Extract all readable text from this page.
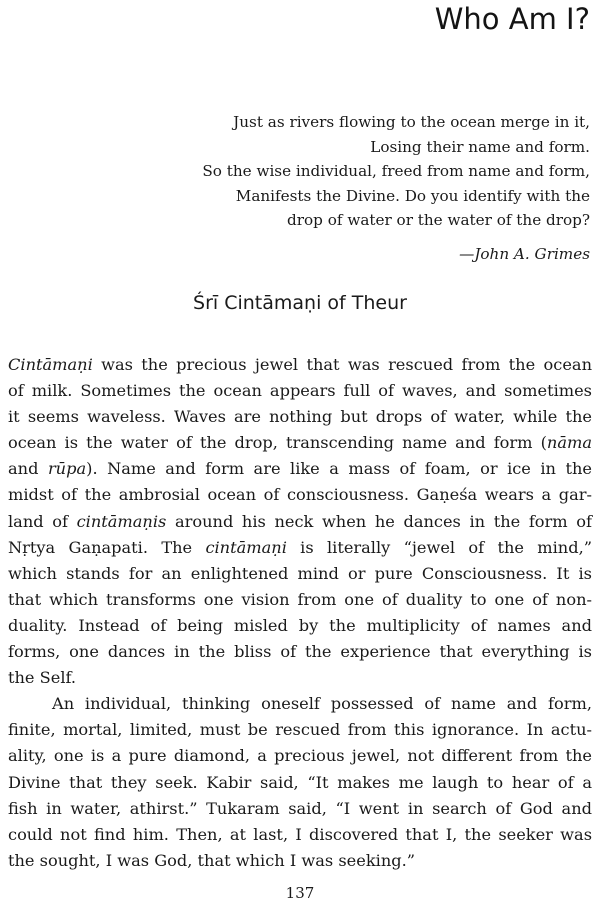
Who Am I?
Just as rivers flowing to the ocean merge in it,
Losing their name and form.
So the wise individual, freed from name and form,
Manifests the Divine. Do you identify with the
drop of water or the water of the drop?
—John A. Grimes
Śrī Cintāmaṇi of Theur
Cintāmaṇi was the precious jewel that was rescued from the ocean
of milk. Sometimes the ocean appears full of waves, and sometimes
it seems waveless. Waves are nothing but drops of water, while the
ocean is the water of the drop, transcending name and form (nāma
and rūpa). Name and form are like a mass of foam, or ice in the
midst of the ambrosial ocean of consciousness. Gaṇeśa wears a gar-
land of cintāmaṇis around his neck when he dances in the form of
Nṛtya Gaṇapati. The cintāmaṇi is literally “jewel of the mind,”
which stands for an enlightened mind or pure Consciousness. It is
that which transforms one vision from one of duality to one of non-
duality. Instead of being misled by the multiplicity of names and
forms, one dances in the bliss of the experience that everything is
the Self.
An individual, thinking oneself possessed of name and form,
finite, mortal, limited, must be rescued from this ignorance. In actu-
ality, one is a pure diamond, a precious jewel, not different from the
Divine that they seek. Kabir said, “It makes me laugh to hear of a
fish in water, athirst.” Tukaram said, “I went in search of God and
could not find him. Then, at last, I discovered that I, the seeker was
the sought, I was God, that which I was seeking.”
137
